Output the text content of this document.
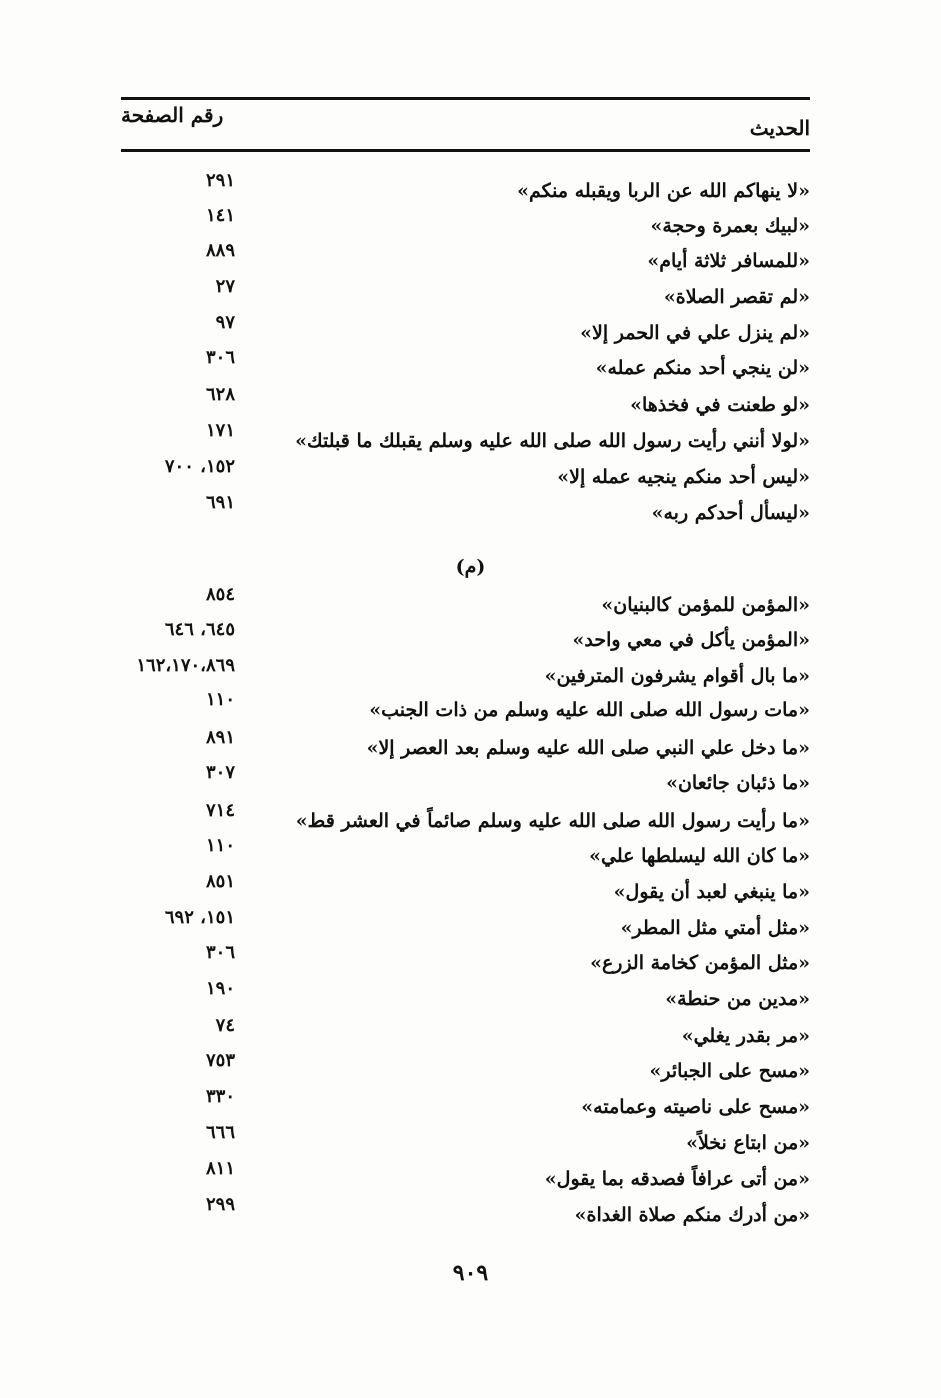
رقم الصفحة
الحديث
«لا ينهاكم الله عن الربا ويقبله منكم»
٢٩١
«لبيك بعمرة وحجة»
١٤١
«للمسافر ثلاثة أيام»
٨٨٩
«لم تقصر الصلاة»
٢٧
«لم ينزل علي في الحمر إلا»
٩٧
«لن ينجي أحد منكم عمله»
٣٠٦
«لو طعنت في فخذها»
٦٢٨
«لولا أنني رأيت رسول الله صلى الله عليه وسلم يقبلك ما قبلتك»
١٧١
«ليس أحد منكم ينجيه عمله إلا»
١٥٢، ٧٠٠
«ليسأل أحدكم ربه»
٦٩١
(م)
«المؤمن للمؤمن كالبنيان»
٨٥٤
«المؤمن يأكل في معي واحد»
٦٤٥، ٦٤٦
«ما بال أقوام يشرفون المترفين»
١٦٢،١٧٠،٨٦٩
«مات رسول الله صلى الله عليه وسلم من ذات الجنب»
١١٠
«ما دخل علي النبي صلى الله عليه وسلم بعد العصر إلا»
٨٩١
«ما ذئبان جائعان»
٣٠٧
«ما رأيت رسول الله صلى الله عليه وسلم صائماً في العشر قط»
٧١٤
«ما كان الله ليسلطها علي»
١١٠
«ما ينبغي لعبد أن يقول»
٨٥١
«مثل أمتي مثل المطر»
١٥١، ٦٩٢
«مثل المؤمن كخامة الزرع»
٣٠٦
«مدين من حنطة»
١٩٠
«مر بقدر يغلي»
٧٤
«مسح على الجبائر»
٧٥٣
«مسح على ناصيته وعمامته»
٣٣٠
«من ابتاع نخلاً»
٦٦٦
«من أتى عرافاً فصدقه بما يقول»
٨١١
«من أدرك منكم صلاة الغداة»
٢٩٩
٩٠٩
